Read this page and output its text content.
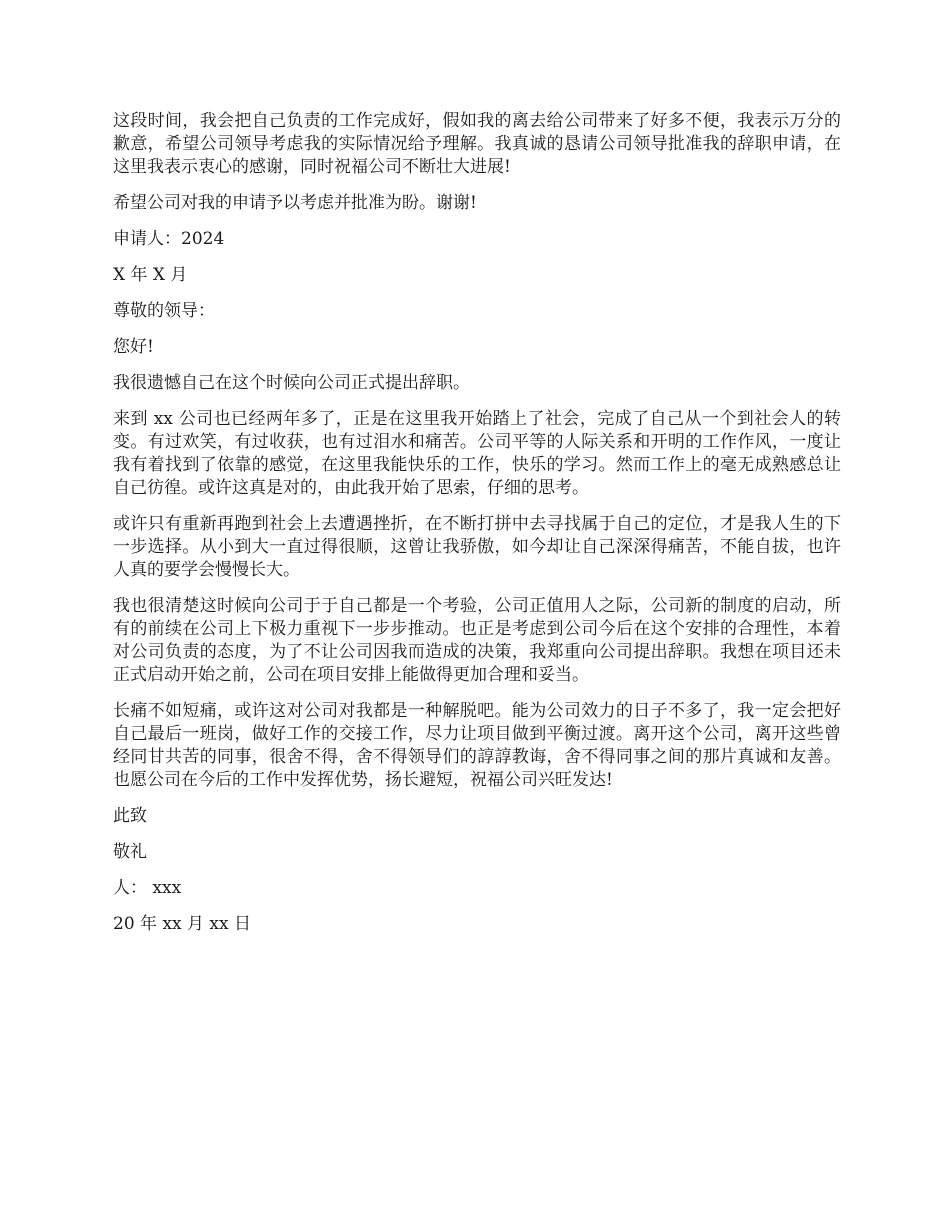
这段时间，我会把自己负责的工作完成好，假如我的离去给公司带来了好多不便，我表示万分的歉意，希望公司领导考虑我的实际情况给予理解。我真诚的恳请公司领导批准我的辞职申请，在这里我表示衷心的感谢，同时祝福公司不断壮大进展!

希望公司对我的申请予以考虑并批准为盼。谢谢!

申请人：2024

X 年 X 月

尊敬的领导：

您好!

我很遗憾自己在这个时候向公司正式提出辞职。

来到 xx 公司也已经两年多了，正是在这里我开始踏上了社会，完成了自己从一个到社会人的转变。有过欢笑，有过收获，也有过泪水和痛苦。公司平等的人际关系和开明的工作作风，一度让我有着找到了依靠的感觉，在这里我能快乐的工作，快乐的学习。然而工作上的毫无成熟感总让自己彷徨。或许这真是对的，由此我开始了思索，仔细的思考。

或许只有重新再跑到社会上去遭遇挫折，在不断打拼中去寻找属于自己的定位，才是我人生的下一步选择。从小到大一直过得很顺，这曾让我骄傲，如今却让自己深深得痛苦，不能自拔，也许人真的要学会慢慢长大。

我也很清楚这时候向公司于于自己都是一个考验，公司正值用人之际，公司新的制度的启动，所有的前续在公司上下极力重视下一步步推动。也正是考虑到公司今后在这个安排的合理性，本着对公司负责的态度，为了不让公司因我而造成的决策，我郑重向公司提出辞职。我想在项目还未正式启动开始之前，公司在项目安排上能做得更加合理和妥当。

长痛不如短痛，或许这对公司对我都是一种解脱吧。能为公司效力的日子不多了，我一定会把好自己最后一班岗，做好工作的交接工作，尽力让项目做到平衡过渡。离开这个公司，离开这些曾经同甘共苦的同事，很舍不得，舍不得领导们的諄諄教诲，舍不得同事之间的那片真诚和友善。也愿公司在今后的工作中发挥优势，扬长避短，祝福公司兴旺发达!

此致

敬礼

人： xxx

20 年 xx 月 xx 日
